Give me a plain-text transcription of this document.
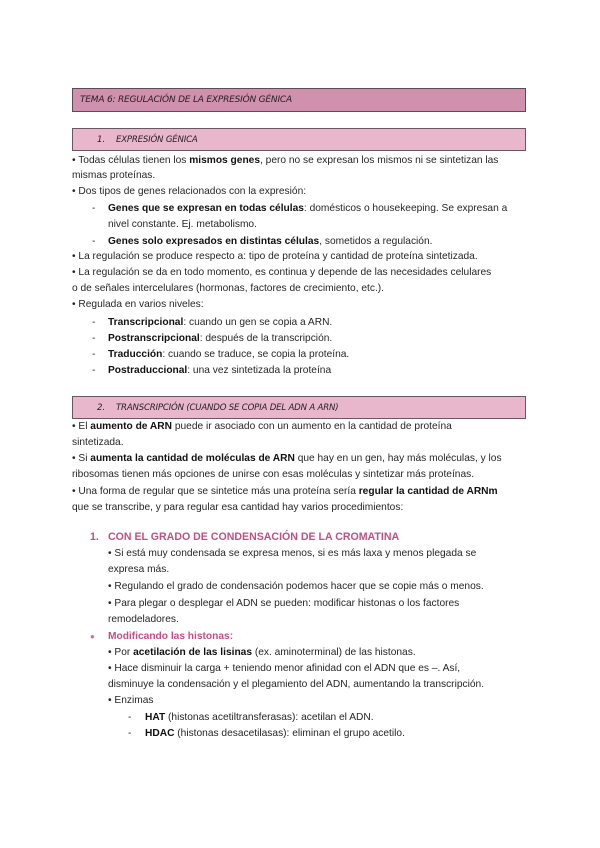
TEMA 6: REGULACIÓN DE LA EXPRESIÓN GÉNICA
1. EXPRESIÓN GÉNICA
• Todas células tienen los mismos genes, pero no se expresan los mismos ni se sintetizan las
mismas proteínas.
• Dos tipos de genes relacionados con la expresión:
- Genes que se expresan en todas células: domésticos o housekeeping. Se expresan a
nivel constante. Ej. metabolismo.
- Genes solo expresados en distintas células, sometidos a regulación.
• La regulación se produce respecto a: tipo de proteína y cantidad de proteína sintetizada.
• La regulación se da en todo momento, es continua y depende de las necesidades celulares
o de señales intercelulares (hormonas, factores de crecimiento, etc.).
• Regulada en varios niveles:
- Transcripcional: cuando un gen se copia a ARN.
- Postranscripcional: después de la transcripción.
- Traducción: cuando se traduce, se copia la proteína.
- Postraduccional: una vez sintetizada la proteína
2. TRANSCRIPCIÓN (CUANDO SE COPIA DEL ADN A ARN)
• El aumento de ARN puede ir asociado con un aumento en la cantidad de proteína
sintetizada.
• Si aumenta la cantidad de moléculas de ARN que hay en un gen, hay más moléculas, y los
ribosomas tienen más opciones de unirse con esas moléculas y sintetizar más proteínas.
• Una forma de regular que se sintetice más una proteína sería regular la cantidad de ARNm
que se transcribe, y para regular esa cantidad hay varios procedimientos:
1. CON EL GRADO DE CONDENSACIÓN DE LA CROMATINA
• Si está muy condensada se expresa menos, si es más laxa y menos plegada se
expresa más.
• Regulando el grado de condensación podemos hacer que se copie más o menos.
• Para plegar o desplegar el ADN se pueden: modificar histonas o los factores
remodeladores.
● Modificando las histonas:
• Por acetilación de las lisinas (ex. aminoterminal) de las histonas.
• Hace disminuir la carga + teniendo menor afinidad con el ADN que es –. Así,
disminuye la condensación y el plegamiento del ADN, aumentando la transcripción.
• Enzimas
- HAT (histonas acetiltransferasas): acetilan el ADN.
- HDAC (histonas desacetilasas): eliminan el grupo acetilo.
